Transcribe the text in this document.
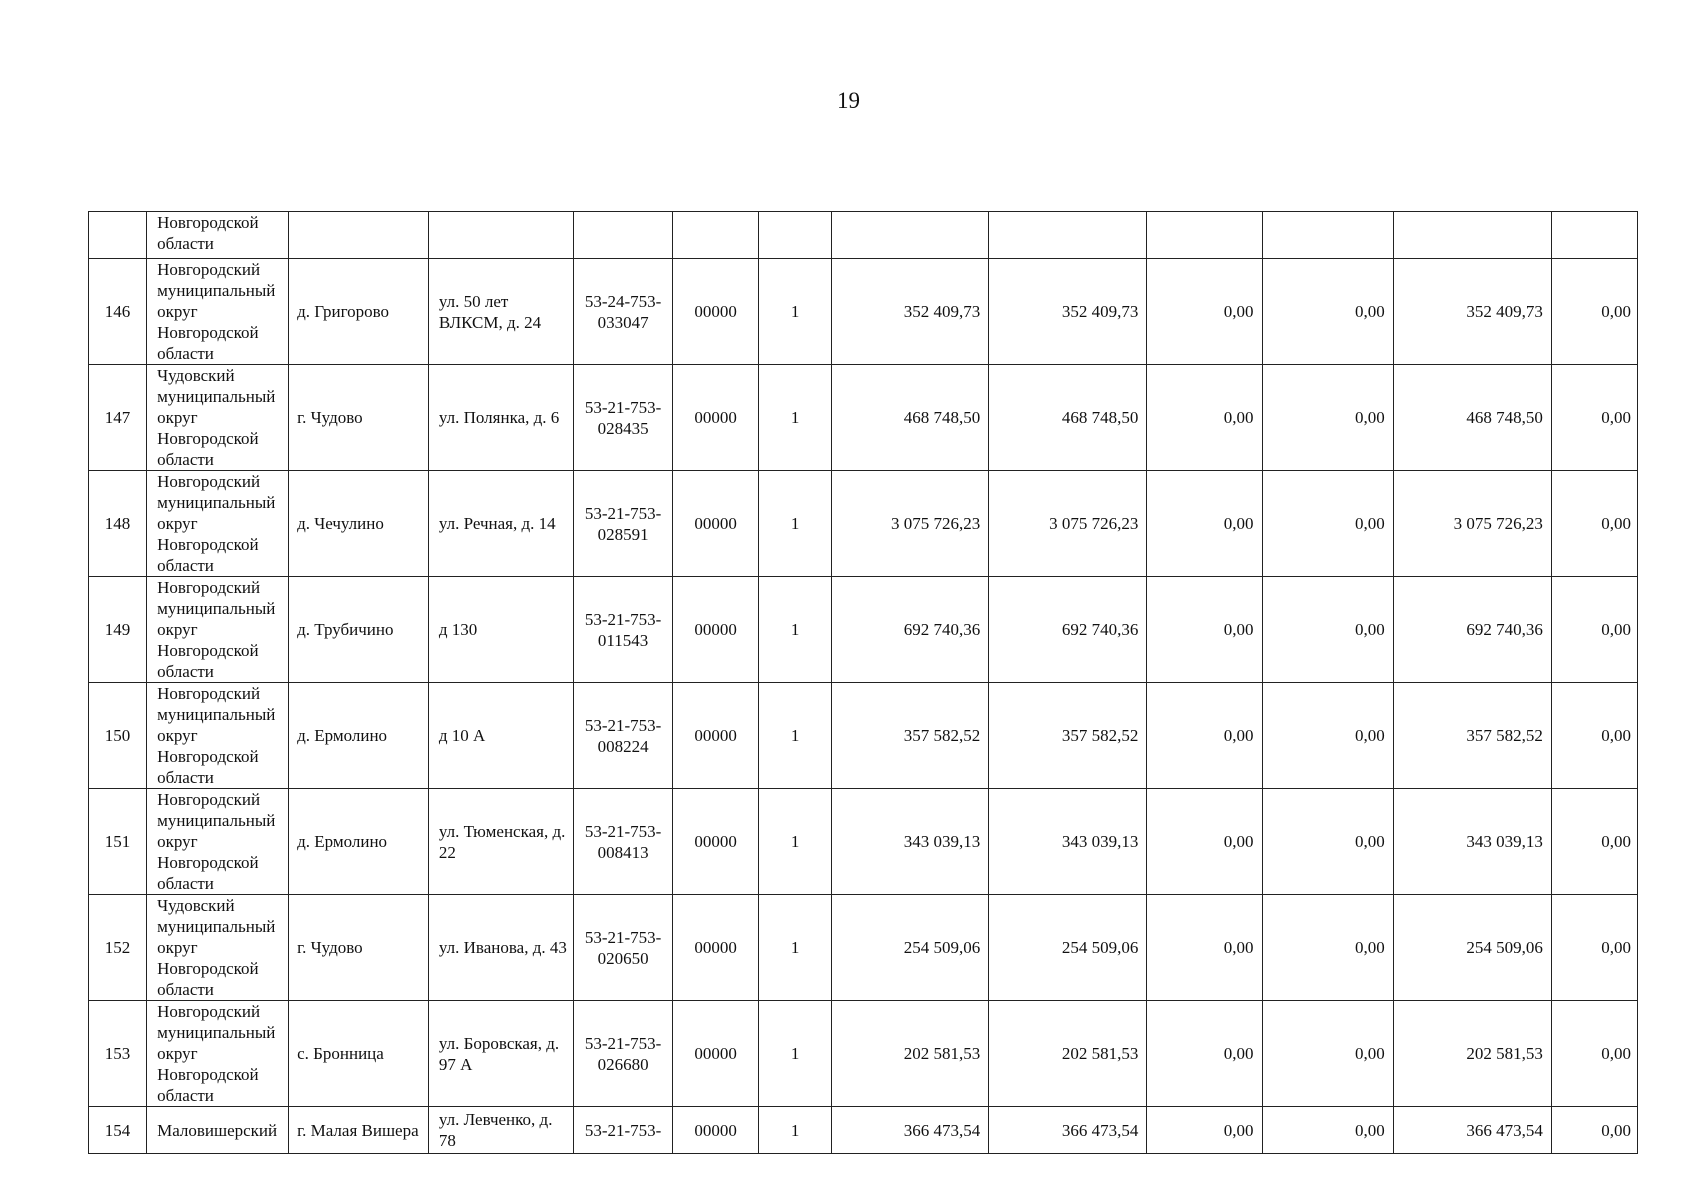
19
	Новгородской области											
146	Новгородский муниципальный округ Новгородской области	д. Григорово	ул. 50 лет ВЛКСМ, д. 24	53-24-753-033047	00000	1	352 409,73	352 409,73	0,00	0,00	352 409,73	0,00
147	Чудовский муниципальный округ Новгородской области	г. Чудово	ул. Полянка, д. 6	53-21-753-028435	00000	1	468 748,50	468 748,50	0,00	0,00	468 748,50	0,00
148	Новгородский муниципальный округ Новгородской области	д. Чечулино	ул. Речная, д. 14	53-21-753-028591	00000	1	3 075 726,23	3 075 726,23	0,00	0,00	3 075 726,23	0,00
149	Новгородский муниципальный округ Новгородской области	д. Трубичино	д 130	53-21-753-011543	00000	1	692 740,36	692 740,36	0,00	0,00	692 740,36	0,00
150	Новгородский муниципальный округ Новгородской области	д. Ермолино	д 10 А	53-21-753-008224	00000	1	357 582,52	357 582,52	0,00	0,00	357 582,52	0,00
151	Новгородский муниципальный округ Новгородской области	д. Ермолино	ул. Тюменская, д. 22	53-21-753-008413	00000	1	343 039,13	343 039,13	0,00	0,00	343 039,13	0,00
152	Чудовский муниципальный округ Новгородской области	г. Чудово	ул. Иванова, д. 43	53-21-753-020650	00000	1	254 509,06	254 509,06	0,00	0,00	254 509,06	0,00
153	Новгородский муниципальный округ Новгородской области	с. Бронница	ул. Боровская, д. 97 А	53-21-753-026680	00000	1	202 581,53	202 581,53	0,00	0,00	202 581,53	0,00
154	Маловишерский	г. Малая Вишера	ул. Левченко, д. 78	53-21-753-	00000	1	366 473,54	366 473,54	0,00	0,00	366 473,54	0,00
